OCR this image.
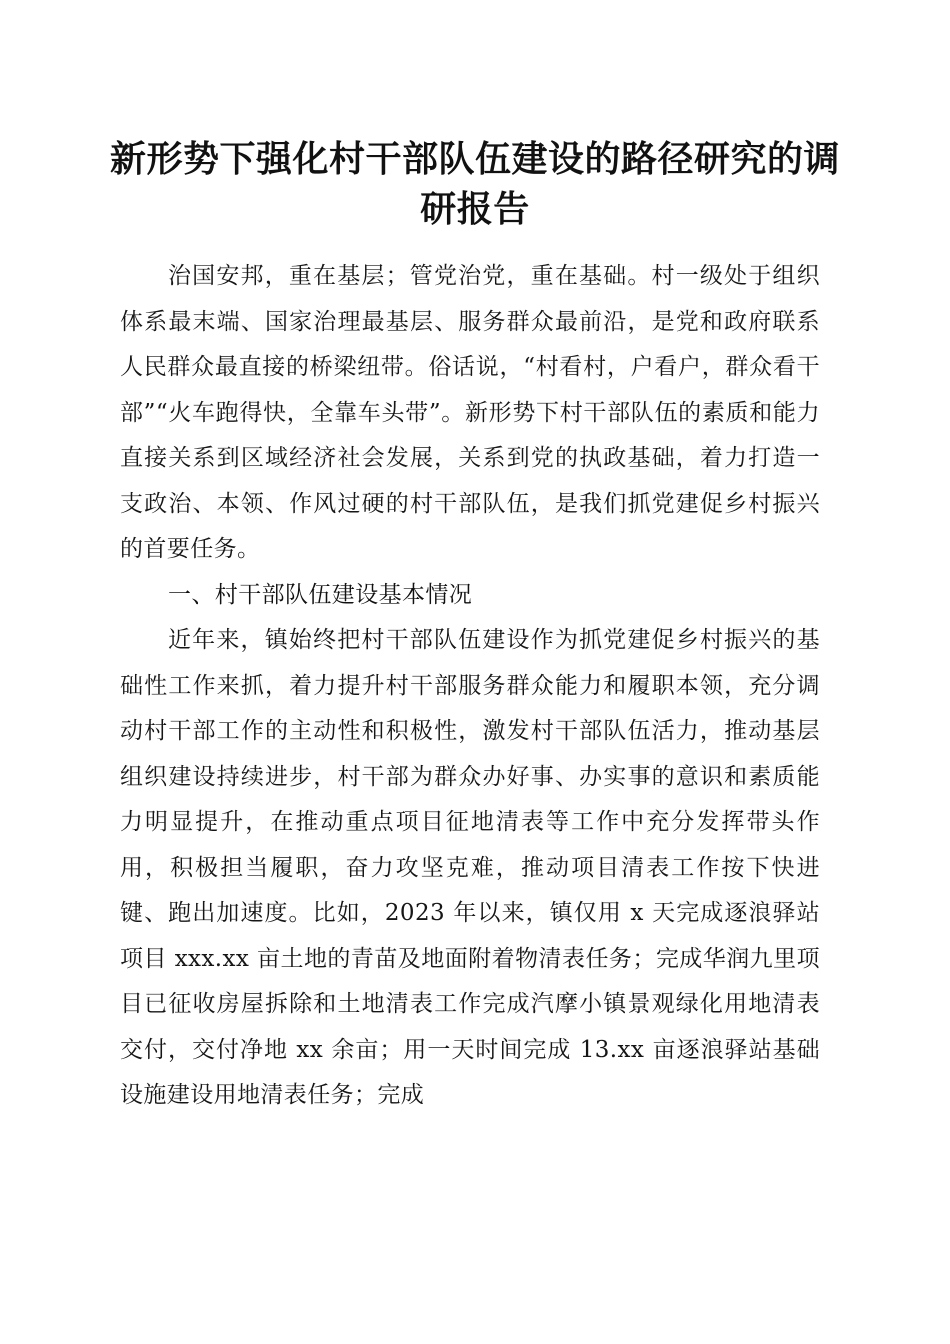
新形势下强化村干部队伍建设的路径研究的调研报告

治国安邦，重在基层；管党治党，重在基础。村一级处于组织体系最末端、国家治理最基层、服务群众最前沿，是党和政府联系人民群众最直接的桥梁纽带。俗话说，“村看村，户看户，群众看干部”“火车跑得快，全靠车头带”。新形势下村干部队伍的素质和能力直接关系到区域经济社会发展，关系到党的执政基础，着力打造一支政治、本领、作风过硬的村干部队伍，是我们抓党建促乡村振兴的首要任务。

一、村干部队伍建设基本情况

近年来，镇始终把村干部队伍建设作为抓党建促乡村振兴的基础性工作来抓，着力提升村干部服务群众能力和履职本领，充分调动村干部工作的主动性和积极性，激发村干部队伍活力，推动基层组织建设持续进步，村干部为群众办好事、办实事的意识和素质能力明显提升，在推动重点项目征地清表等工作中充分发挥带头作用，积极担当履职，奋力攻坚克难，推动项目清表工作按下快进键、跑出加速度。比如，2023 年以来，镇仅用 x 天完成逐浪驿站项目 xxx.xx 亩土地的青苗及地面附着物清表任务；完成华润九里项目已征收房屋拆除和土地清表工作完成汽摩小镇景观绿化用地清表交付，交付净地 xx 余亩；用一天时间完成 13.xx 亩逐浪驿站基础设施建设用地清表任务；完成
